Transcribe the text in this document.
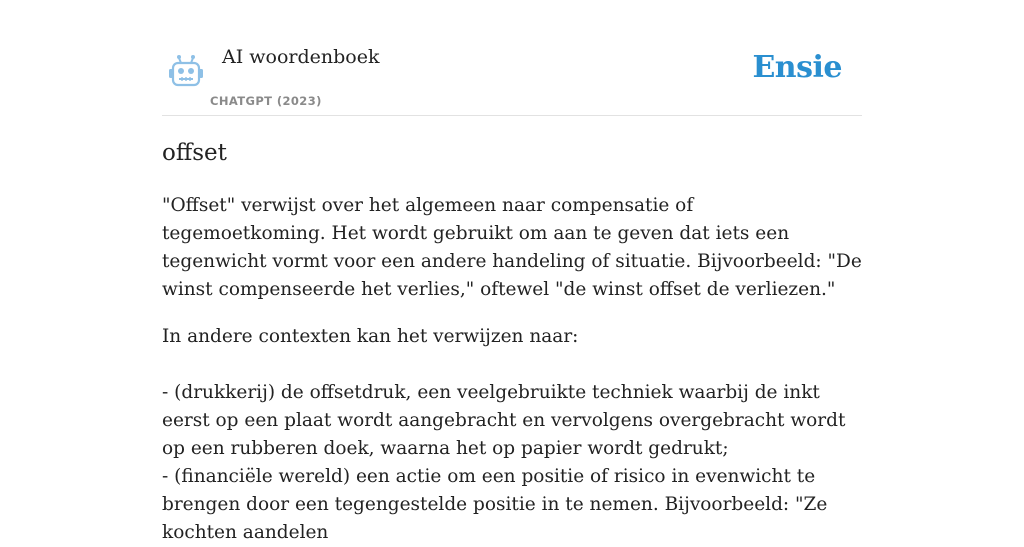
AI woordenboek
CHATGPT (2023)
Ensie
offset

"Offset" verwijst over het algemeen naar compensatie of tegemoetkoming. Het wordt gebruikt om aan te geven dat iets een tegenwicht vormt voor een andere handeling of situatie. Bijvoorbeeld: "De winst compenseerde het verlies," oftewel "de winst offset de verliezen."

In andere contexten kan het verwijzen naar:
- (drukkerij) de offsetdruk, een veelgebruikte techniek waarbij de inkt eerst op een plaat wordt aangebracht en vervolgens overgebracht wordt op een rubberen doek, waarna het op papier wordt gedrukt;
- (financiële wereld) een actie om een positie of risico in evenwicht te brengen door een tegengestelde positie in te nemen. Bijvoorbeeld: "Ze kochten aandelen
